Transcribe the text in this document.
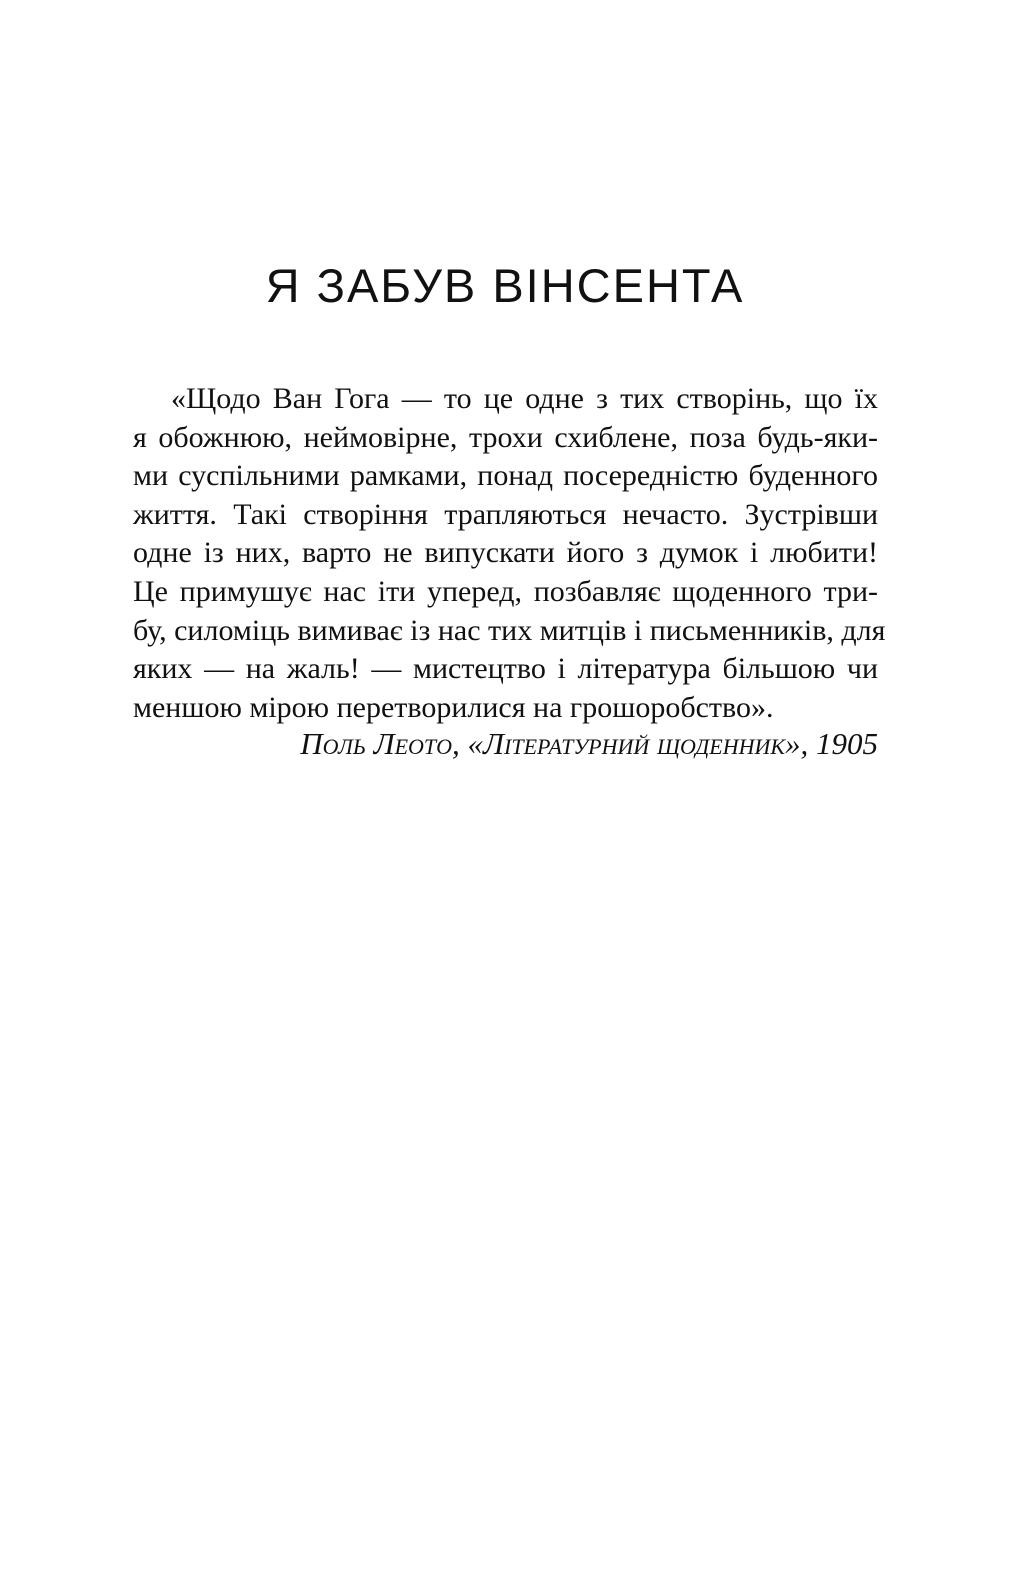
Я ЗАБУВ ВІНСЕНТА
«Щодо Ван Гога — то це одне з тих створінь, що їх
я обожнюю, неймовірне, трохи схиблене, поза будь-яки-
ми суспільними рамками, понад посередністю буденного
життя. Такі створіння трапляються нечасто. Зустрівши
одне із них, варто не випускати його з думок і любити!
Це примушує нас іти уперед, позбавляє щоденного три-
бу, силоміць вимиває із нас тих митців і письменників, для
яких — на жаль! — мистецтво і література більшою чи
меншою мірою перетворилися на грошоробство».
Поль Леото, «Літературний щоденник», 1905
